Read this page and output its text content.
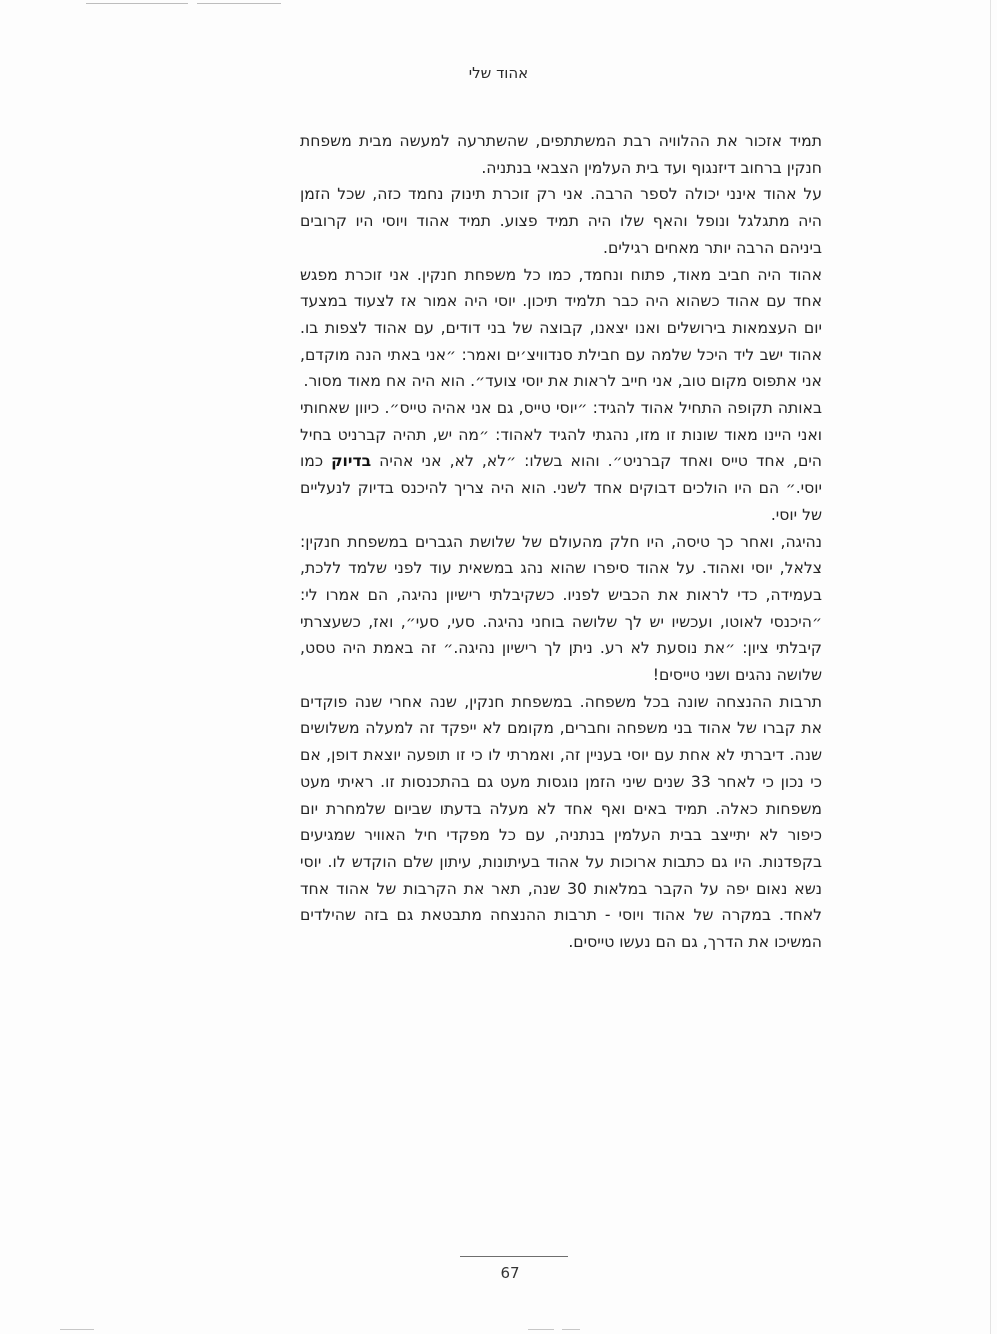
אהוד שלי

תמיד אזכור את ההלוויה רבת המשתתפים, שהשתרעה למעשה מבית משפחת חנקין ברחוב דיזנגוף ועד בית העלמין הצבאי בנתניה.

על אהוד אינני יכולה לספר הרבה. אני רק זוכרת תינוק נחמד כזה, שכל הזמן היה מתגלגל ונופל והאף שלו היה תמיד פצוע. תמיד אהוד ויוסי היו קרובים ביניהם הרבה יותר מאחים רגילים.

אהוד היה חביב מאוד, פתוח ונחמד, כמו כל משפחת חנקין. אני זוכרת מפגש אחד עם אהוד כשהוא היה כבר תלמיד תיכון. יוסי היה אמור אז לצעוד במצעד יום העצמאות בירושלים ואנו יצאנו, קבוצה של בני דודים, עם אהוד לצפות בו. אהוד ישב ליד היכל שלמה עם חבילת סנדוויצ׳ים ואמר: ״אני באתי הנה מוקדם, אני אתפוס מקום טוב, אני חייב לראות את יוסי צועד״. הוא היה אח מאוד מסור.

באותה תקופה התחיל אהוד להגיד: ״יוסי טייס, גם אני אהיה טייס״. כיוון שאחותי ואני היינו מאוד שונות זו מזו, נהגתי להגיד לאהוד: ״מה יש, תהיה קברניט בחיל הים, אחד טייס ואחד קברניט״. והוא בשלו: ״לא, לא, אני אהיה בדיוק כמו יוסי.״ הם היו הולכים דבוקים אחד לשני. הוא היה צריך להיכנס בדיוק לנעליים של יוסי.

נהיגה, ואחר כך טיסה, היו חלק מהעולם של שלושת הגברים במשפחת חנקין: צלאל, יוסי ואהוד. על אהוד סיפרו שהוא נהג במשאית עוד לפני שלמד ללכת, בעמידה, כדי לראות את הכביש לפניו. כשקיבלתי רישיון נהיגה, הם אמרו לי: ״היכנסי לאוטו, ועכשיו יש לך שלושה בוחני נהיגה. סעי, סעי״, ואז, כשעצרתי קיבלתי ציון: ״את נוסעת לא רע. ניתן לך רישיון נהיגה.״ זה באמת היה טסט, שלושה נהגים ושני טייסים!

תרבות ההנצחה שונה בכל משפחה. במשפחת חנקין, שנה אחרי שנה פוקדים את קברו של אהוד בני משפחה וחברים, מקומם לא ייפקד זה למעלה משלושים שנה. דיברתי לא אחת עם יוסי בעניין זה, ואמרתי לו כי זו תופעה יוצאת דופן, אם כי נכון כי לאחר 33 שנים שיני הזמן נוגסות מעט גם בהתכנסות זו. ראיתי מעט משפחות כאלה. תמיד באים ואף אחד לא מעלה בדעתו שביום שלמחרת יום כיפור לא יתייצב בבית העלמין בנתניה, עם כל מפקדי חיל האוויר שמגיעים בקפדנות. היו גם כתבות ארוכות על אהוד בעיתונות, עיתון שלם הוקדש לו. יוסי נשא נאום יפה על הקבר במלאות 30 שנה, תאר את הקרבות של אהוד אחד לאחד. במקרה של אהוד ויוסי - תרבות ההנצחה מתבטאת גם בזה שהילדים המשיכו את הדרך, גם הם נעשו טייסים.

67
